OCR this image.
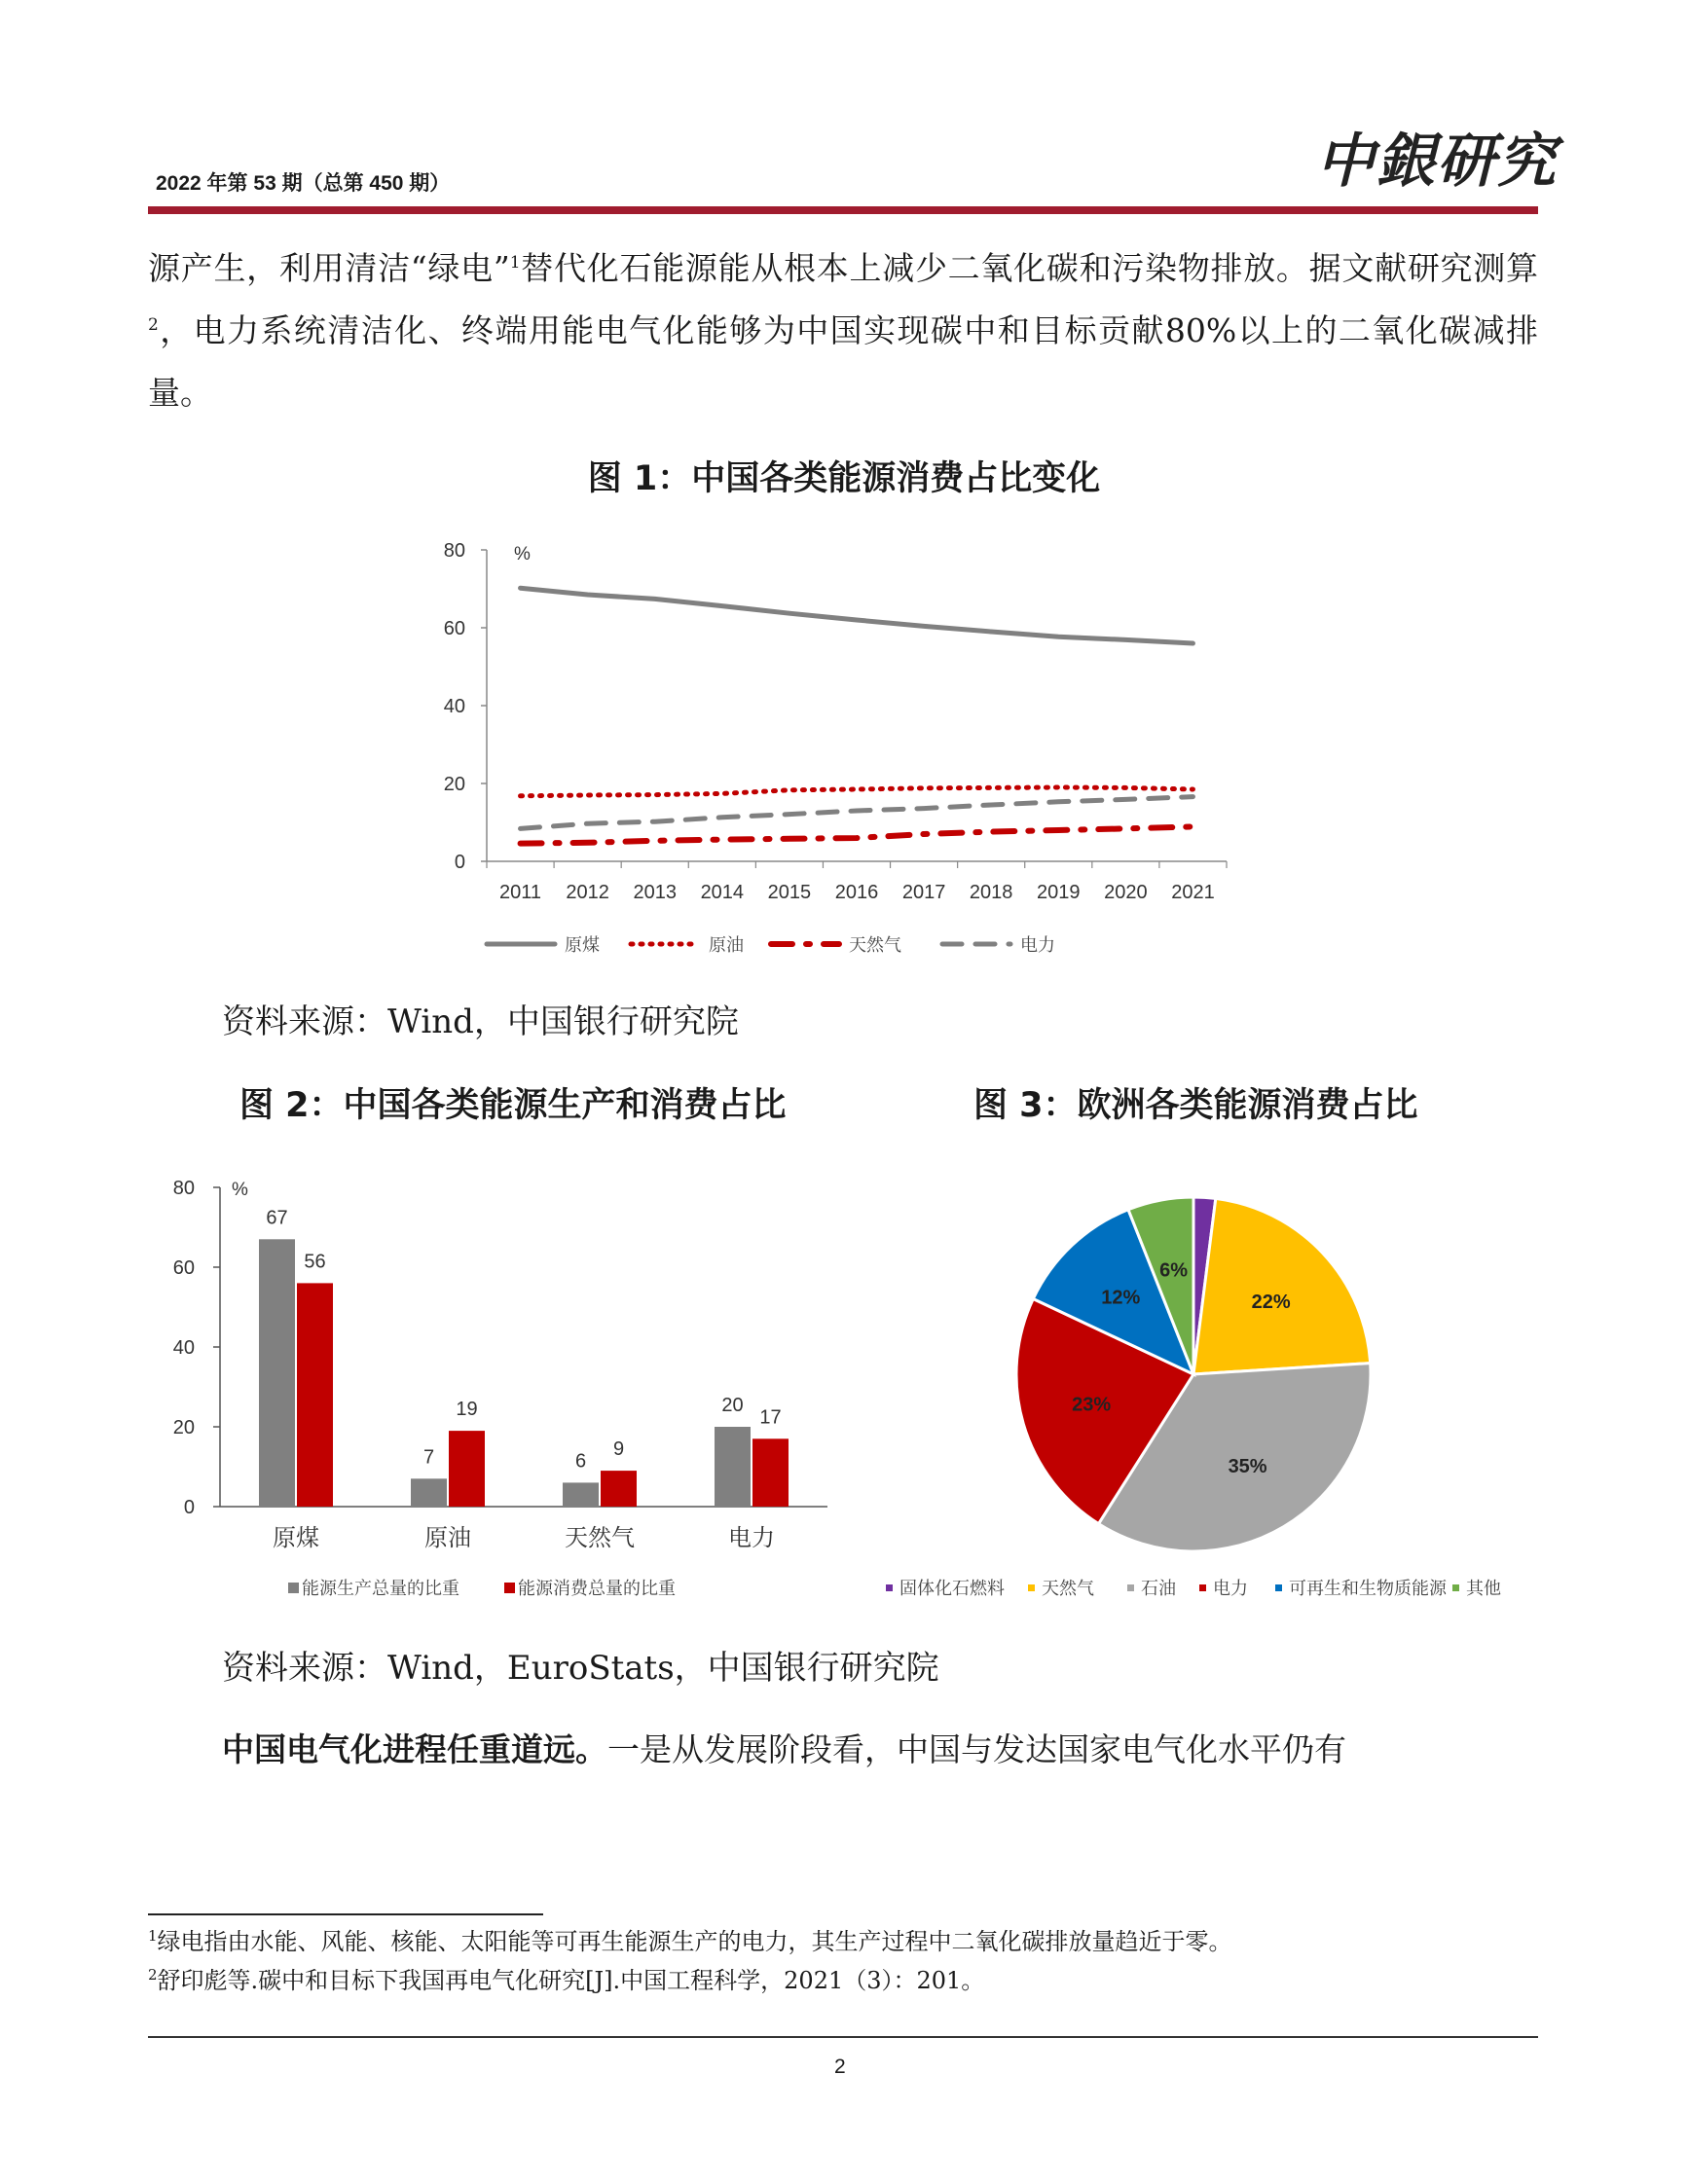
2022 年第 53 期（总第 450 期）	中銀研究
源产生，利用清洁“绿电”$^1$替代化石能源能从根本上减少二氧化碳和污染物排放。据文献研究测算$^2$，电力系统清洁化、终端用能电气化能够为中国实现碳中和目标贡献80%以上的二氧化碳减排量。
图 1：中国各类能源消费占比变化
0
20
40
60
80	%
2011 2012 2013 2014 2015 2016 2017 2018 2019 2020 2021
原煤	原油	天然气	电力
资料来源：Wind，中国银行研究院
图 2：中国各类能源生产和消费占比	图 3：欧洲各类能源消费占比
0
20
40
60
80 %
原煤	原油	天然气	电力
67
56
7
19
6
9
20
17
能源生产总量的比重	能源消费总量的比重
22%
35%
23%
12%
6%
固体化石燃料 天然气	石油 电力 可再生和生物质能源 其他
资料来源：Wind，EuroStats，中国银行研究院
中国电气化进程任重道远。一是从发展阶段看，中国与发达国家电气化水平仍有
$^1$绿电指由水能、风能、核能、太阳能等可再生能源生产的电力，其生产过程中二氧化碳排放量趋近于零。
$^2$舒印彪等.碳中和目标下我国再电气化研究[J].中国工程科学，2021（3）：201。
2
